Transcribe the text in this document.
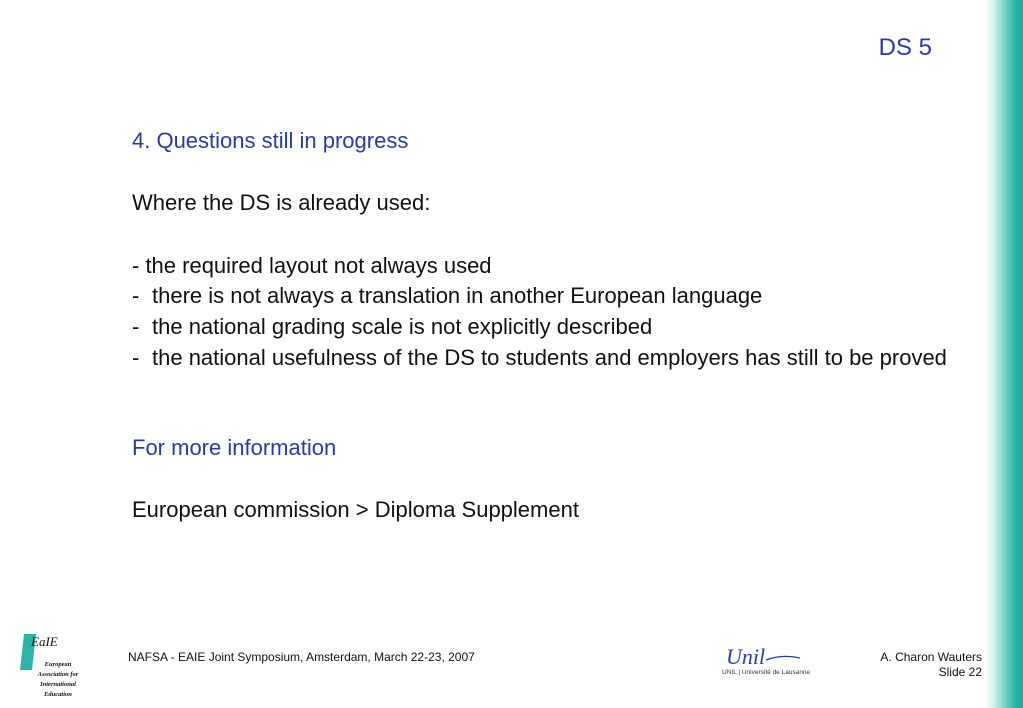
DS 5

4. Questions still in progress

Where the DS is already used:

- the required layout not always used

- there is not always a translation in another European language
- the national grading scale is not explicitly described
- the national usefulness of the DS to students and employers has still to be proved

For more information

European commission > Diploma Supplement

EaIE
European
Association for
International
Education
NAFSA - EAIE Joint Symposium, Amsterdam, March 22-23, 2007	Unil
UNIL | Université de Lausanne
A. Charon Wauters
Slide 22
